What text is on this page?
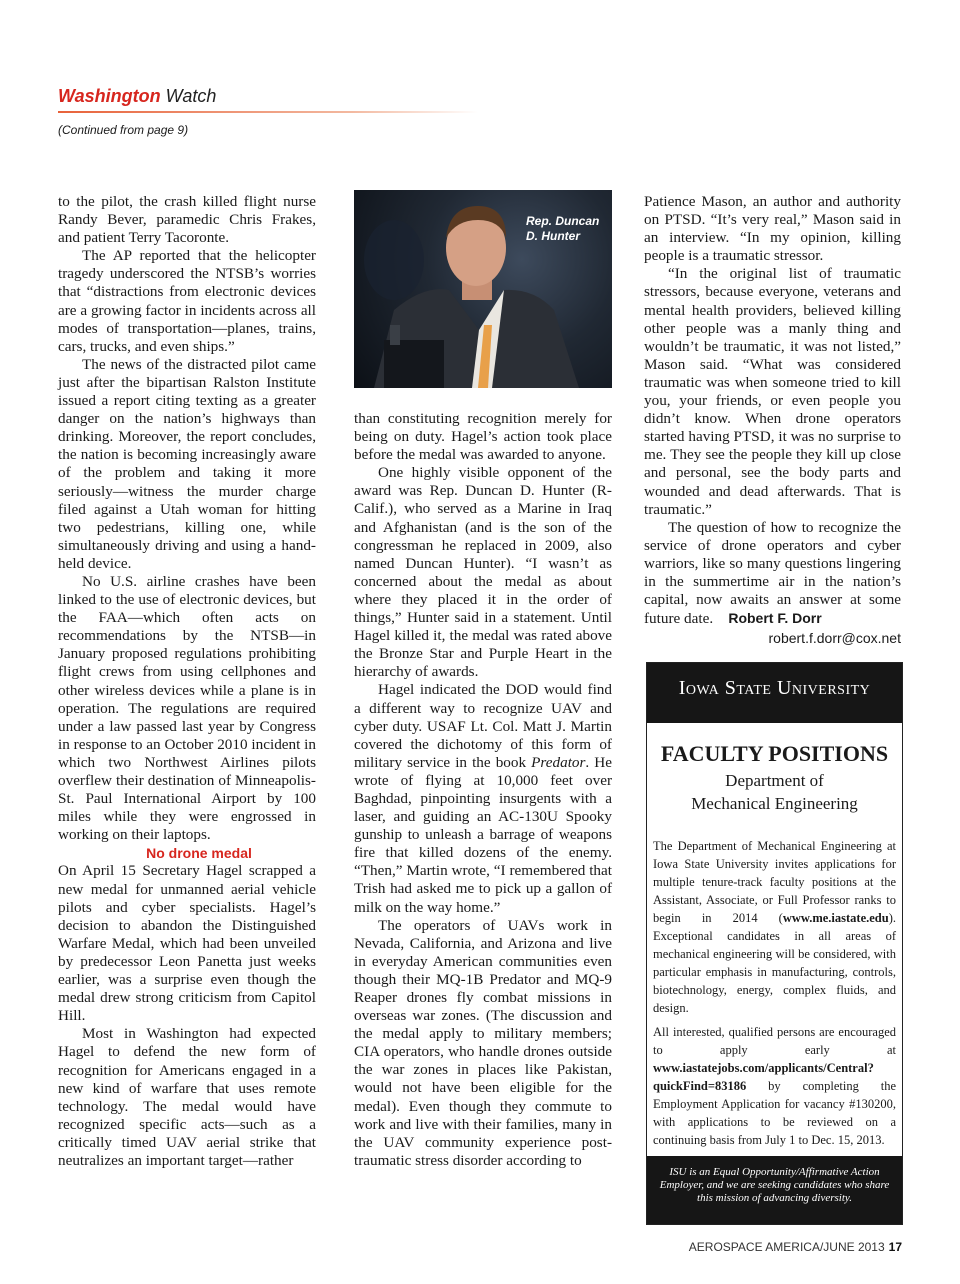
Washington Watch
(Continued from page 9)

to the pilot, the crash killed flight nurse Randy Bever, paramedic Chris Frakes, and patient Terry Tacoronte.

The AP reported that the helicopter tragedy underscored the NTSB’s worries that “distractions from electronic devices are a growing factor in incidents across all modes of transportation—planes, trains, cars, trucks, and even ships.”

The news of the distracted pilot came just after the bipartisan Ralston Institute issued a report citing texting as a greater danger on the nation’s highways than drinking. Moreover, the report concludes, the nation is becoming increasingly aware of the problem and taking it more seriously—witness the murder charge filed against a Utah woman for hitting two pedestrians, killing one, while simultaneously driving and using a hand-held device.

No U.S. airline crashes have been linked to the use of electronic devices, but the FAA—which often acts on recommendations by the NTSB—in January proposed regulations prohibiting flight crews from using cellphones and other wireless devices while a plane is in operation. The regulations are required under a law passed last year by Congress in response to an October 2010 incident in which two Northwest Airlines pilots overflew their destination of Minneapolis-St. Paul International Airport by 100 miles while they were engrossed in working on their laptops.

No drone medal

On April 15 Secretary Hagel scrapped a new medal for unmanned aerial vehicle pilots and cyber specialists. Hagel’s decision to abandon the Distinguished Warfare Medal, which had been unveiled by predecessor Leon Panetta just weeks earlier, was a surprise even though the medal drew strong criticism from Capitol Hill.

Most in Washington had expected Hagel to defend the new form of recognition for Americans engaged in a new kind of warfare that uses remote technology. The medal would have recognized specific acts—such as a critically timed UAV aerial strike that neutralizes an important target—rather

Rep. Duncan
D. Hunter

than constituting recognition merely for being on duty. Hagel’s action took place before the medal was awarded to anyone.

One highly visible opponent of the award was Rep. Duncan D. Hunter (R-Calif.), who served as a Marine in Iraq and Afghanistan (and is the son of the congressman he replaced in 2009, also named Duncan Hunter). “I wasn’t as concerned about the medal as about where they placed it in the order of things,” Hunter said in a statement. Until Hagel killed it, the medal was rated above the Bronze Star and Purple Heart in the hierarchy of awards.

Hagel indicated the DOD would find a different way to recognize UAV and cyber duty. USAF Lt. Col. Matt J. Martin covered the dichotomy of this form of military service in the book Predator. He wrote of flying at 10,000 feet over Baghdad, pinpointing insurgents with a laser, and guiding an AC-130U Spooky gunship to unleash a barrage of weapons fire that killed dozens of the enemy. “Then,” Martin wrote, “I remembered that Trish had asked me to pick up a gallon of milk on the way home.”

The operators of UAVs work in Nevada, California, and Arizona and live in everyday American communities even though their MQ-1B Predator and MQ-9 Reaper drones fly combat missions in overseas war zones. (The discussion and the medal apply to military members; CIA operators, who handle drones outside the war zones in places like Pakistan, would not have been eligible for the medal). Even though they commute to work and live with their families, many in the UAV community experience post-traumatic stress disorder according to

Patience Mason, an author and authority on PTSD. “It’s very real,” Mason said in an interview. “In my opinion, killing people is a traumatic stressor.

“In the original list of traumatic stressors, because everyone, veterans and mental health providers, believed killing other people was a manly thing and wouldn’t be traumatic, it was not listed,” Mason said. “What was considered traumatic was when someone tried to kill you, your friends, or even people you didn’t know. When drone operators started having PTSD, it was no surprise to me. They see the people they kill up close and personal, see the body parts and wounded and dead afterwards. That is traumatic.”

The question of how to recognize the service of drone operators and cyber warriors, like so many questions lingering in the summertime air in the nation’s capital, now awaits an answer at some future date. Robert F. Dorr

robert.f.dorr@cox.net
Iowa State University
FACULTY POSITIONS
Department of
Mechanical Engineering

The Department of Mechanical Engineering at Iowa State University invites applications for multiple tenure-track faculty positions at the Assistant, Associate, or Full Professor ranks to begin in 2014 (www.me.iastate.edu). Exceptional candidates in all areas of mechanical engineering will be considered, with particular emphasis in manufacturing, controls, biotechnology, energy, complex fluids, and design.

All interested, qualified persons are encouraged to apply early at www.iastatejobs.com/applicants/Central?quickFind=83186 by completing the Employment Application for vacancy #130200, with applications to be reviewed on a continuing basis from July 1 to Dec. 15, 2013.

ISU is an Equal Opportunity/Affirmative Action Employer, and we are seeking candidates who share this mission of advancing diversity.
AEROSPACE AMERICA/JUNE 2013 17
